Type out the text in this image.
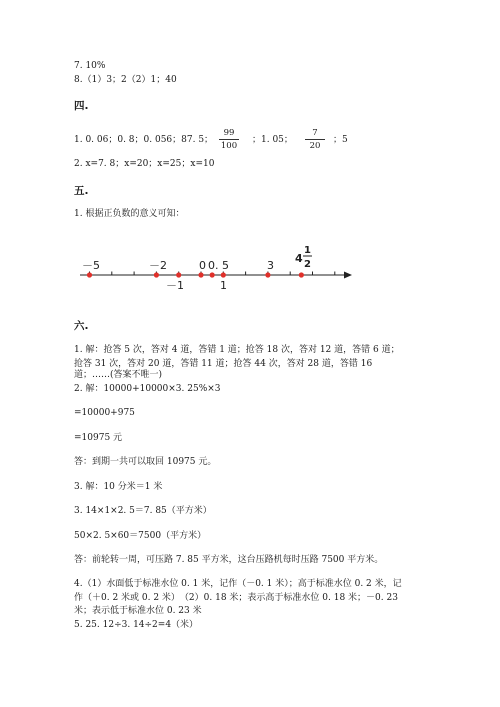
7. 10%
8.（1）3；2（2）1；40
四.
1. 0. 06；0. 8；0. 056；87. 5；
99
100
；1. 05；
7
20
；5
2. x=7. 8；x=20；x=25；x=10
五.
1. 根据正负数的意义可知：
－5	－2	0 0. 5	3
－1	1
4
1
2
六.
1. 解：抢答 5 次，答对 4 道，答错 1 道；抢答 18 次，答对 12 道，答错 6 道；
抢答 31 次，答对 20 道，答错 11 道；抢答 44 次，答对 28 道，答错 16
道；……(答案不唯一)
2. 解：10000+10000×3. 25%×3
=10000+975
=10975 元
答：到期一共可以取回 10975 元。
3. 解：10 分米＝1 米
3. 14×1×2. 5＝7. 85（平方米）
50×2. 5×60＝7500（平方米）
答：前轮转一周，可压路 7. 85 平方米，这台压路机每时压路 7500 平方米。
4.（1）水面低于标准水位 0. 1 米，记作（－0. 1 米）；高于标准水位 0. 2 米，记
作（＋0. 2 米或 0. 2 米）　（2）0. 18 米；表示高于标准水位 0. 18 米；－0. 23
米；表示低于标准水位 0. 23 米
5. 25. 12÷3. 14÷2=4（米）
